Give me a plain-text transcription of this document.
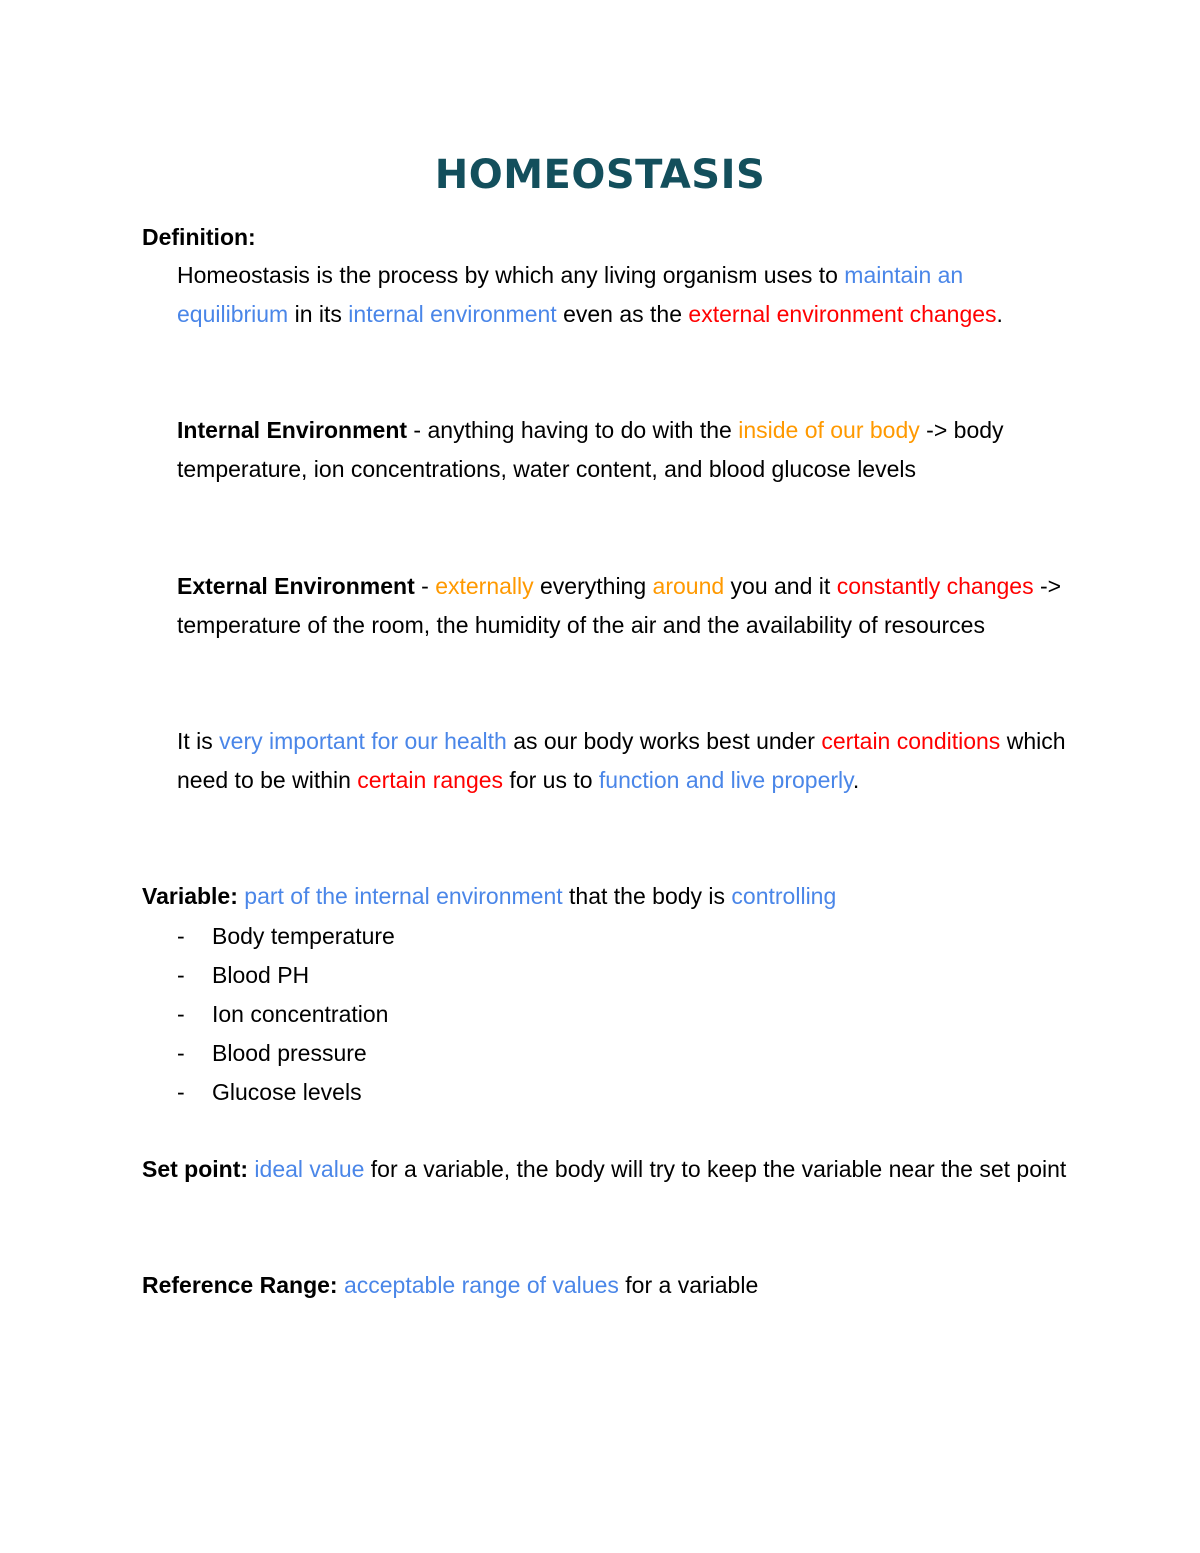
HOMEOSTASIS
Definition:
Homeostasis is the process by which any living organism uses to maintain an equilibrium in its internal environment even as the external environment changes.
Internal Environment - anything having to do with the inside of our body -> body temperature, ion concentrations, water content, and blood glucose levels
External Environment - externally everything around you and it constantly changes -> temperature of the room, the humidity of the air and the availability of resources
It is very important for our health as our body works best under certain conditions which need to be within certain ranges for us to function and live properly.
Variable: part of the internal environment that the body is controlling
- Body temperature
- Blood PH
- Ion concentration
- Blood pressure
- Glucose levels
Set point: ideal value for a variable, the body will try to keep the variable near the set point
Reference Range: acceptable range of values for a variable
